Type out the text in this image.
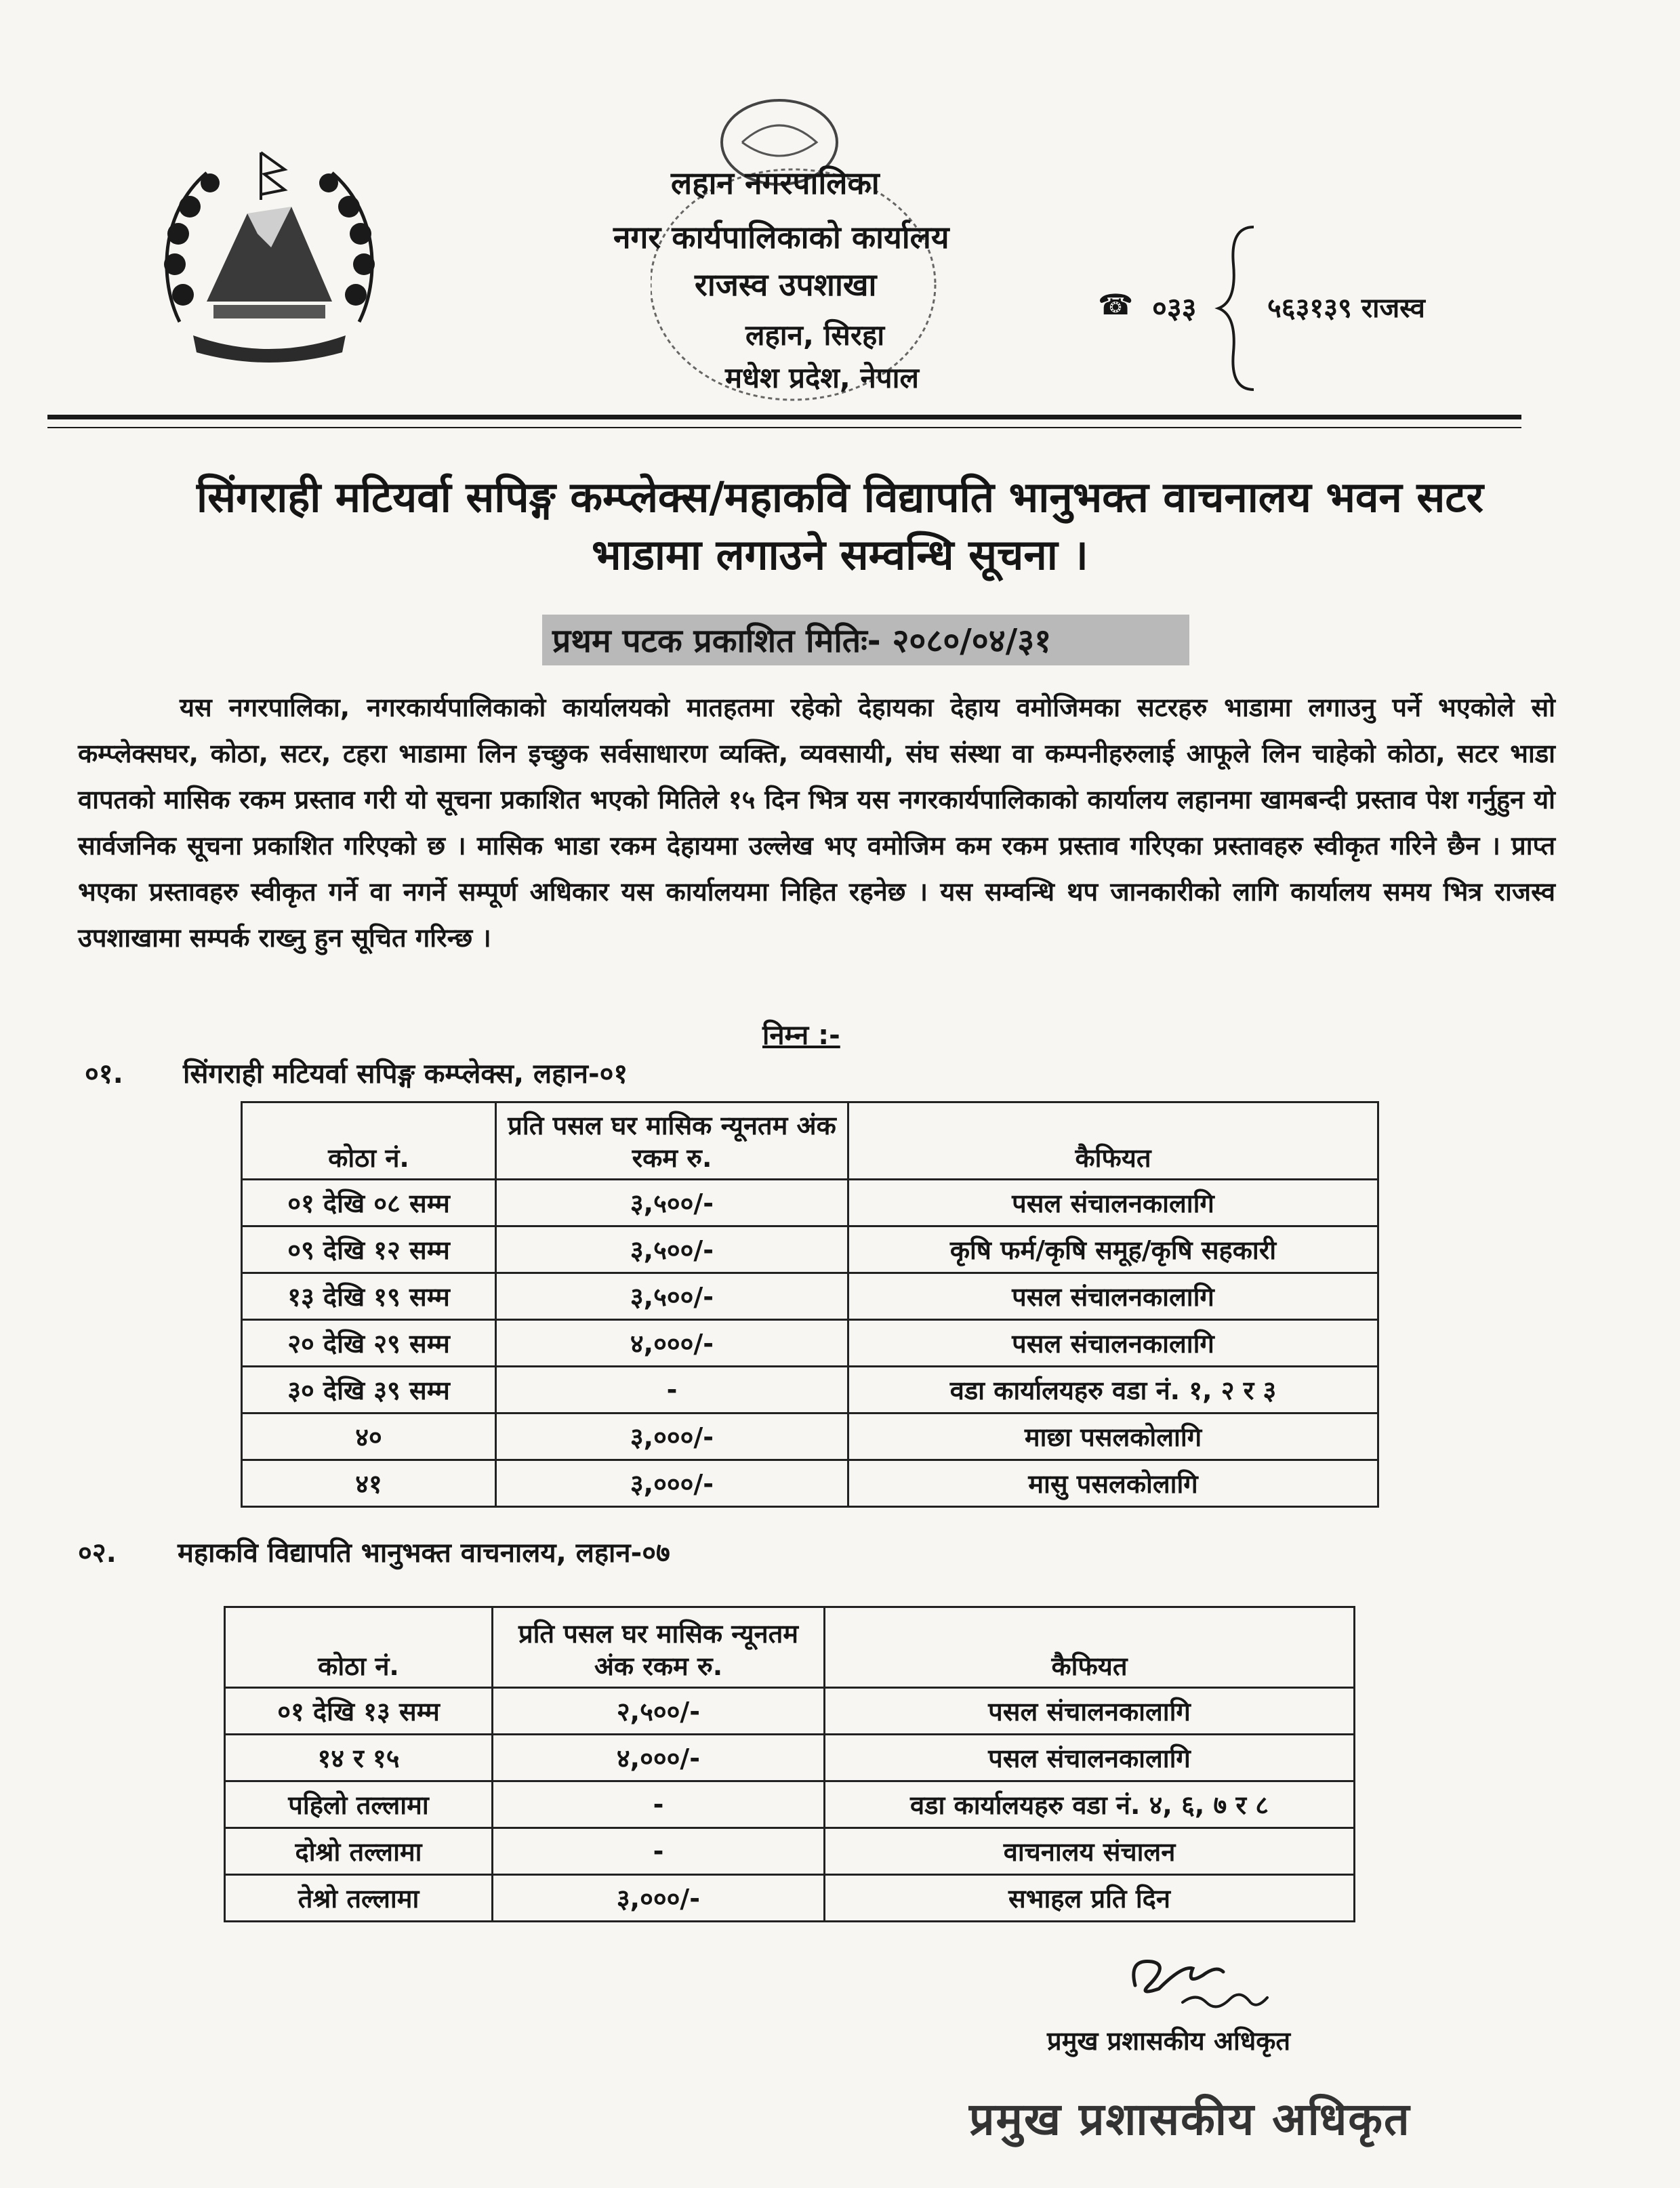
लहान नगरपालिका
नगर कार्यपालिकाको कार्यालय
राजस्व उपशाखा
लहान, सिरहा
मधेश प्रदेश, नेपाल
☎ ०३३	५६३१३९ राजस्व
सिंगराही मटियर्वा सपिङ्ग कम्प्लेक्स/महाकवि विद्यापति भानुभक्त वाचनालय भवन सटर
भाडामा लगाउने सम्वन्धि सूचना ।
प्रथम पटक प्रकाशित मितिः- २०८०/०४/३१
यस नगरपालिका, नगरकार्यपालिकाको कार्यालयको मातहतमा रहेको देहायका देहाय वमोजिमका सटरहरु भाडामा लगाउनु पर्ने भएकोले सो कम्प्लेक्सघर, कोठा, सटर, टहरा भाडामा लिन इच्छुक सर्वसाधारण व्यक्ति, व्यवसायी, संघ संस्था वा कम्पनीहरुलाई आफूले लिन चाहेको कोठा, सटर भाडा वापतको मासिक रकम प्रस्ताव गरी यो सूचना प्रकाशित भएको मितिले १५ दिन भित्र यस नगरकार्यपालिकाको कार्यालय लहानमा खामबन्दी प्रस्ताव पेश गर्नुहुन यो सार्वजनिक सूचना प्रकाशित गरिएको छ । मासिक भाडा रकम देहायमा उल्लेख भए वमोजिम कम रकम प्रस्ताव गरिएका प्रस्तावहरु स्वीकृत गरिने छैन । प्राप्त भएका प्रस्तावहरु स्वीकृत गर्ने वा नगर्ने सम्पूर्ण अधिकार यस कार्यालयमा निहित रहनेछ । यस सम्वन्धि थप जानकारीको लागि कार्यालय समय भित्र राजस्व उपशाखामा सम्पर्क राख्नु हुन सूचित गरिन्छ ।
निम्न :-
०१. सिंगराही मटियर्वा सपिङ्ग कम्प्लेक्स, लहान-०१
कोठा नं.	प्रति पसल घर मासिक न्यूनतम अंक रकम रु.	कैफियत
०१ देखि ०८ सम्म	३,५००/-	पसल संचालनकालागि
०९ देखि १२ सम्म	३,५००/-	कृषि फर्म/कृषि समूह/कृषि सहकारी
१३ देखि १९ सम्म	३,५००/-	पसल संचालनकालागि
२० देखि २९ सम्म	४,०००/-	पसल संचालनकालागि
३० देखि ३९ सम्म	-	वडा कार्यालयहरु वडा नं. १, २ र ३
४०	३,०००/-	माछा पसलकोलागि
४१	३,०००/-	मासु पसलकोलागि
०२. महाकवि विद्यापति भानुभक्त वाचनालय, लहान-०७
कोठा नं.	प्रति पसल घर मासिक न्यूनतम अंक रकम रु.	कैफियत
०१ देखि १३ सम्म	२,५००/-	पसल संचालनकालागि
१४ र १५	४,०००/-	पसल संचालनकालागि
पहिलो तल्लामा	-	वडा कार्यालयहरु वडा नं. ४, ६, ७ र ८
दोश्रो तल्लामा	-	वाचनालय संचालन
तेश्रो तल्लामा	३,०००/-	सभाहल प्रति दिन
प्रमुख प्रशासकीय अधिकृत
प्रमुख प्रशासकीय अधिकृत
